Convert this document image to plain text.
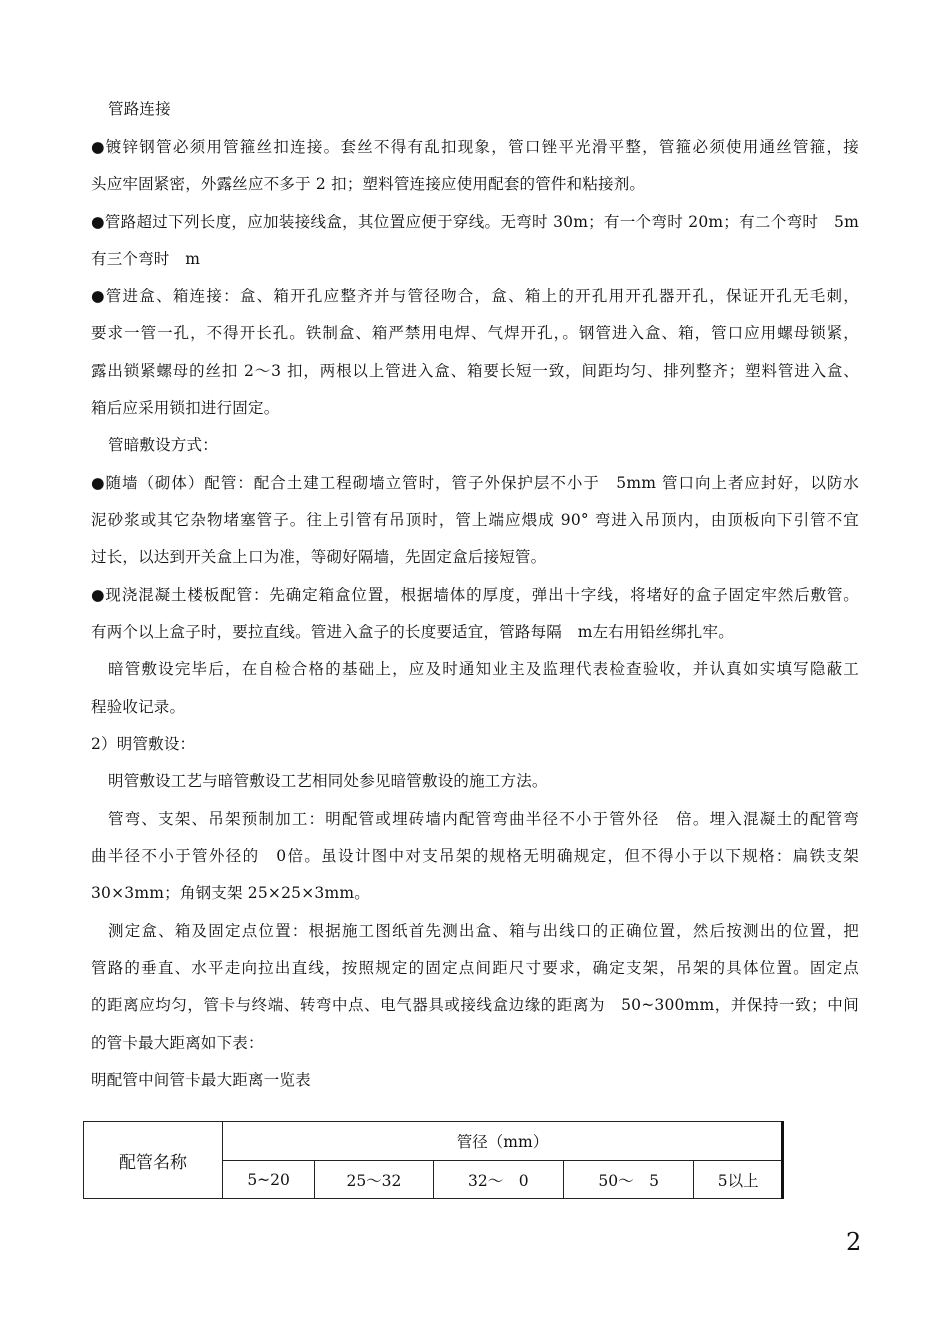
管路连接
●镀锌钢管必须用管箍丝扣连接。套丝不得有乱扣现象，管口锉平光滑平整，管箍必须使用通丝管箍，接
头应牢固紧密，外露丝应不多于 2 扣；塑料管连接应使用配套的管件和粘接剂。
●管路超过下列长度，应加装接线盒，其位置应便于穿线。无弯时 30m；有一个弯时 20m；有二个弯时　5m
有三个弯时　m
●管进盒、箱连接：盒、箱开孔应整齐并与管径吻合，盒、箱上的开孔用开孔器开孔，保证开孔无毛刺，
要求一管一孔，不得开长孔。铁制盒、箱严禁用电焊、气焊开孔，。钢管进入盒、箱，管口应用螺母锁紧，
露出锁紧螺母的丝扣 2～3 扣，两根以上管进入盒、箱要长短一致，间距均匀、排列整齐；塑料管进入盒、
箱后应采用锁扣进行固定。
管暗敷设方式：
●随墙（砌体）配管：配合土建工程砌墙立管时，管子外保护层不小于　5mm 管口向上者应封好，以防水
泥砂浆或其它杂物堵塞管子。往上引管有吊顶时，管上端应煨成 90° 弯进入吊顶内，由顶板向下引管不宜
过长，以达到开关盒上口为准，等砌好隔墙，先固定盒后接短管。
●现浇混凝土楼板配管：先确定箱盒位置，根据墙体的厚度，弹出十字线，将堵好的盒子固定牢然后敷管。
有两个以上盒子时，要拉直线。管进入盒子的长度要适宜，管路每隔　m左右用铅丝绑扎牢。
暗管敷设完毕后，在自检合格的基础上，应及时通知业主及监理代表检查验收，并认真如实填写隐蔽工
程验收记录。
2）明管敷设：
明管敷设工艺与暗管敷设工艺相同处参见暗管敷设的施工方法。
管弯、支架、吊架预制加工：明配管或埋砖墙内配管弯曲半径不小于管外径　倍。埋入混凝土的配管弯
曲半径不小于管外径的　0倍。虽设计图中对支吊架的规格无明确规定，但不得小于以下规格：扁铁支架
30×3mm；角钢支架 25×25×3mm。
测定盒、箱及固定点位置：根据施工图纸首先测出盒、箱与出线口的正确位置，然后按测出的位置，把
管路的垂直、水平走向拉出直线，按照规定的固定点间距尺寸要求，确定支架，吊架的具体位置。固定点
的距离应均匀，管卡与终端、转弯中点、电气器具或接线盒边缘的距离为　50~300mm，并保持一致；中间
的管卡最大距离如下表：
明配管中间管卡最大距离一览表
配管名称	管径（mm）				
	5~20	25～32	32～　0	50～　5	5以上
2
